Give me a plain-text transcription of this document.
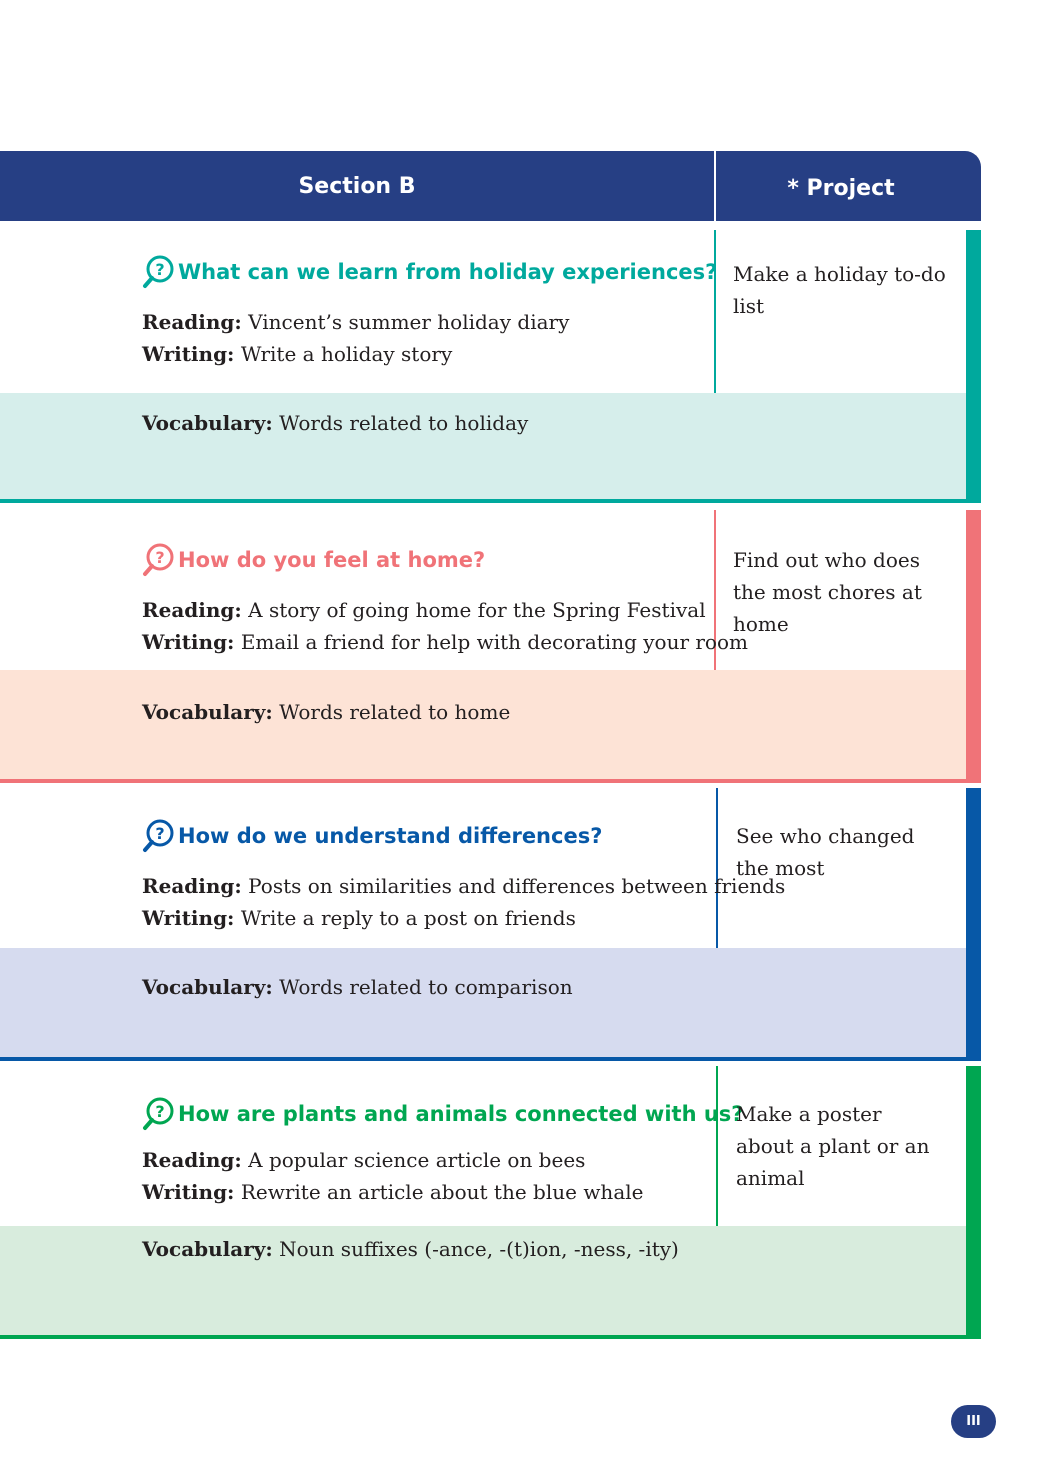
Section B	* Project
? What can we learn from holiday experiences?
Reading: Vincent’s summer holiday diary
Writing: Write a holiday story
Vocabulary: Words related to holiday
Make a holiday to-do list
? How do you feel at home?
Reading: A story of going home for the Spring Festival
Writing: Email a friend for help with decorating your room
Vocabulary: Words related to home
Find out who does the most chores at home
? How do we understand differences?
Reading: Posts on similarities and differences between friends
Writing: Write a reply to a post on friends
Vocabulary: Words related to comparison
See who changed the most
? How are plants and animals connected with us?
Reading: A popular science article on bees
Writing: Rewrite an article about the blue whale
Vocabulary: Noun suffixes (-ance, -(t)ion, -ness, -ity)
Make a poster about a plant or an animal
III
